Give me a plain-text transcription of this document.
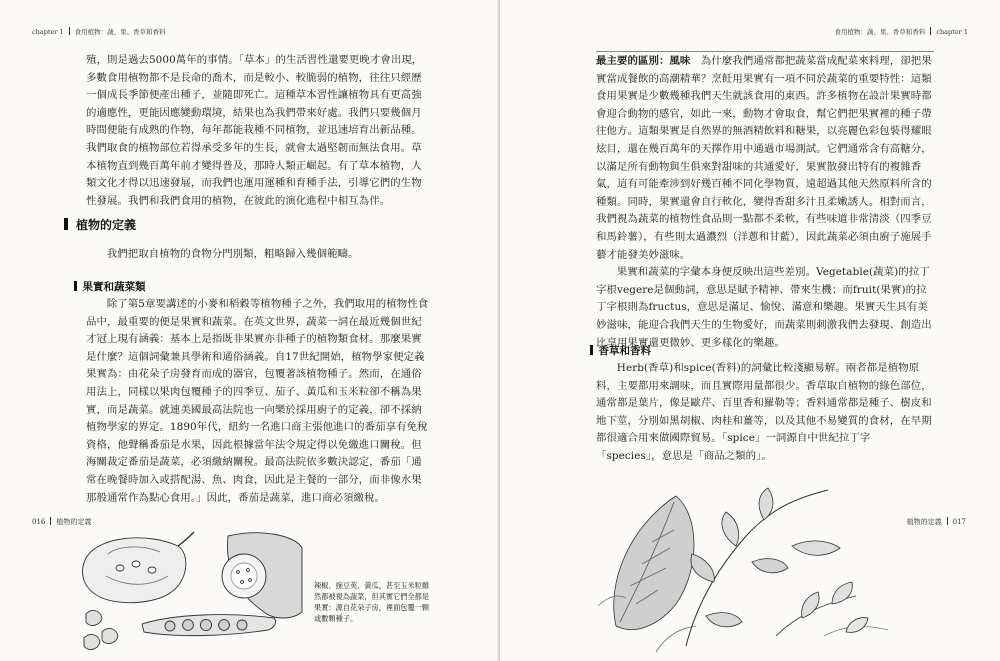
chapter 1 食用植物：蔬、果、香草和香料

殖，則是過去5000萬年的事情。「草本」的生活習性還要更晚才會出現，多數食用植物都不是長命的喬木，而是較小、較脆弱的植物，往往只經歷一個成長季節便產出種子，並隨即死亡。這種草本習性讓植物具有更高強的適應性，更能因應變動環境，結果也為我們帶來好處。我們只要幾個月時間便能有成熟的作物，每年都能栽種不同植物，並迅速培育出新品種。我們取食的植物部位若得承受多年的生長，就會太過堅韌而無法食用。草本植物直到幾百萬年前才變得普及，那時人類正崛起。有了草本植物，人類文化才得以迅速發展，而我們也運用運種和育種手法，引導它們的生物性發展。我們和我們食用的植物，在彼此的演化進程中相互為伴。

植物的定義

我們把取自植物的食物分門別類，粗略歸入幾個範疇。

果實和蔬菜類

除了第5章要講述的小麥和稻穀等植物種子之外，我們取用的植物性食品中，最重要的便是果實和蔬菜。在英文世界，蔬菜一詞在最近幾個世紀才冠上現有涵義：基本上是指既非果實亦非種子的植物類食材。那麼果實是什麼？這個詞彙兼具學術和通俗涵義。自17世紀開始，植物學家便定義果實為：由花朵子房發育而成的器官，包覆著該植物種子。然而，在通俗用法上，同樣以果肉包覆種子的四季豆、茄子、黃瓜和玉米粒卻不稱為果實，而是蔬菜。就連美國最高法院也一向樂於採用廚子的定義，卻不採納植物學家的界定。1890年代，紐約一名進口商主張他進口的番茄享有免稅資格，他聲稱番茄是水果，因此根據當年法令規定得以免繳進口關稅。但海關裁定番茄是蔬菜，必須繳納關稅。最高法院依多數決認定，番茄「通常在晚餐時加入或搭配湯、魚、肉食，因此是主餐的一部分，而非像水果那般通常作為點心食用。」因此，番茄是蔬菜，進口商必須繳稅。

016 植物的定義
辣椒、豌豆莢、黃瓜，甚至玉米粒雖然都被視為蔬菜，但其實它們全都是果實：源自花朵子房，裡面包覆一顆或數顆種子。
食用植物：蔬、果、香草和香料 chapter 1

最主要的區別：風味　 為什麼我們通常都把蔬菜當成配菜來料理，卻把果實當成餐飲的高潮精華？烹飪用果實有一項不同於蔬菜的重要特性：這類食用果實是少數幾種我們天生就該食用的東西。許多植物在設計果實時都會迎合動物的感官，如此一來，動物才會取食，幫它們把果實裡的種子帶往他方。這類果實是自然界的無酒精飲料和糖果，以亮麗色彩包裝得耀眼炫目，還在幾百萬年的天擇作用中通過市場測試。它們通常含有高糖分，以滿足所有動物與生俱來對甜味的共通愛好，果實散發出特有的複雜香氣，這有可能牽涉到好幾百種不同化學物質，遠超過其他天然原料所含的種類。同時，果實還會自行軟化，變得香甜多汁且柔嫩誘人。相對而言，我們視為蔬菜的植物性食品則一點都不柔軟，有些味道非常清淡（四季豆和馬鈴薯），有些則太過濃烈（洋蔥和甘藍），因此蔬菜必須由廚子施展手藝才能發美妙滋味。

果實和蔬菜的字彙本身便反映出這些差別。Vegetable(蔬菜)的拉丁字根vegere是個動詞，意思是賦予精神、帶來生機；而fruit(果實)的拉丁字根則為fructus，意思是滿足、愉悅、滿意和樂趣。果實天生具有美妙滋味，能迎合我們天生的生物愛好，而蔬菜則刺激我們去發現、創造出比享用果實還更微妙、更多樣化的樂趣。

香草和香料

Herb(香草)和spice(香料)的詞彙比較淺顯易解。兩者都是植物原料，主要都用來調味，而且實際用量都很少。香草取自植物的綠色部位，通常都是葉片，像是歐芹、百里香和羅勒等；香料通常都是種子、樹皮和地下莖，分別如黑胡椒、肉桂和薑等，以及其他不易變質的食材，在早期都很適合用來做國際貿易。「spice」一詞源自中世紀拉丁字「species」，意思是「商品之類的」。

植物的定義 017
